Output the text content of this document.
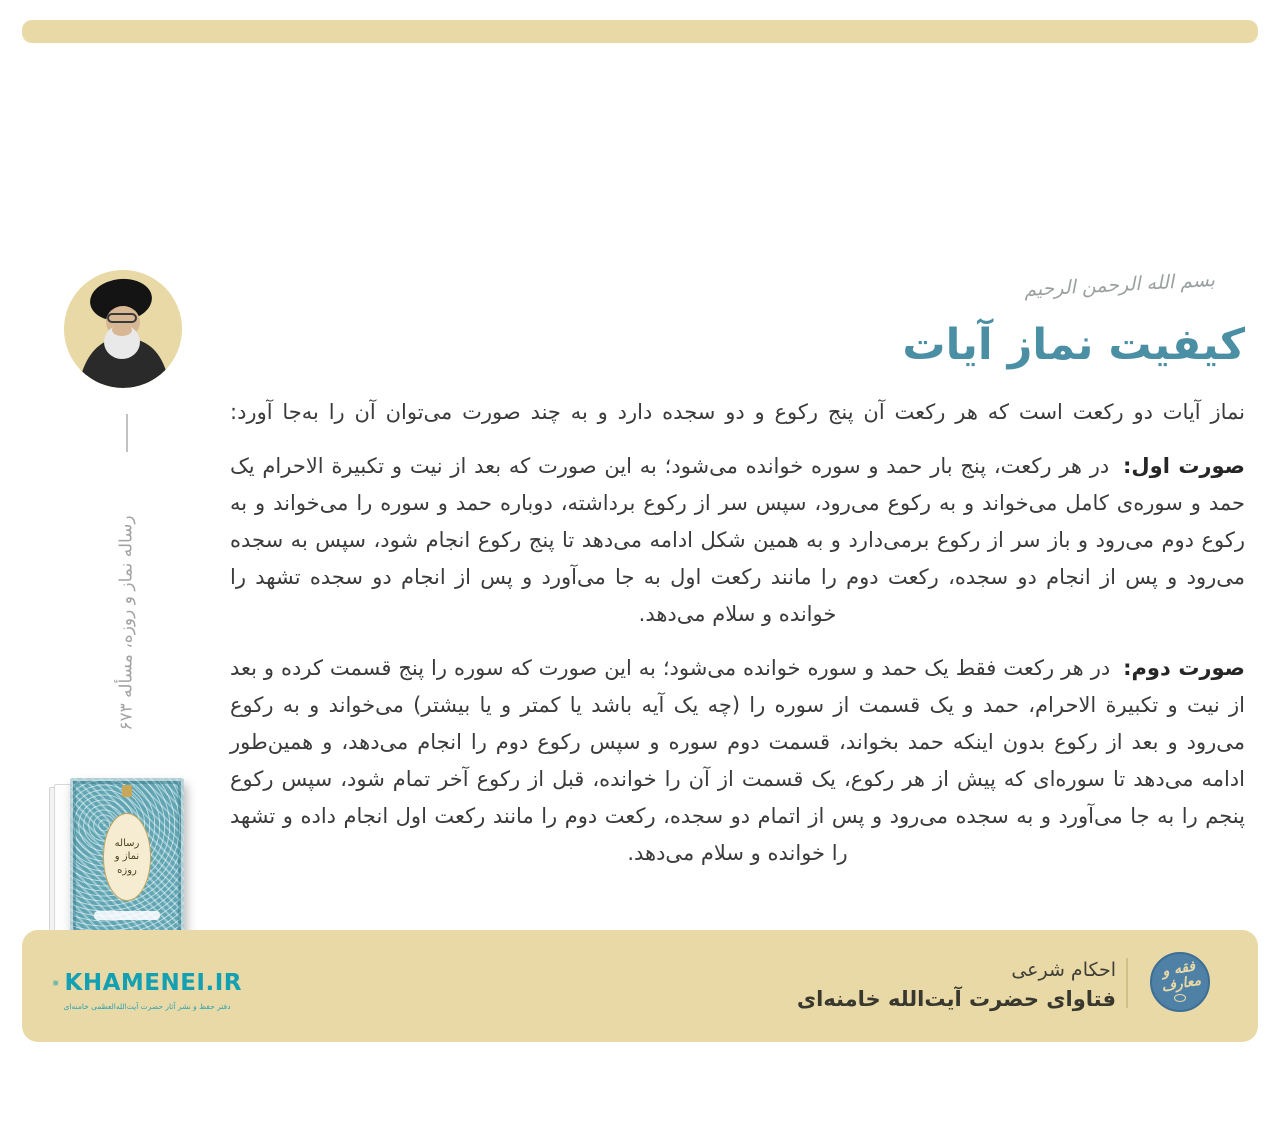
رساله نماز و روزه، مسأله ۶۷۳
رساله نماز و روزه
بسم الله الرحمن الرحیم
کیفیت نماز آیات

نماز آیات دو رکعت است که هر رکعت آن پنج رکوع و دو سجده دارد و به چند صورت می‌توان آن را به‌جا آورد:

صورت اول: در هر رکعت، پنج بار حمد و سوره خوانده می‌شود؛ به این صورت که بعد از نیت و تکبیرة الاحرام یک حمد و سوره‌ی کامل می‌خواند و به رکوع می‌رود، سپس سر از رکوع برداشته، دوباره حمد و سوره را می‌خواند و به رکوع دوم می‌رود و باز سر از رکوع برمی‌دارد و به همین شکل ادامه می‌دهد تا پنج رکوع انجام شود، سپس به سجده می‌رود و پس از انجام دو سجده، رکعت دوم را مانند رکعت اول به جا می‌آورد و پس از انجام دو سجده تشهد را خوانده و سلام می‌دهد.

صورت دوم: در هر رکعت فقط یک حمد و سوره خوانده می‌شود؛ به این صورت که سوره را پنج قسمت کرده و بعد از نیت و تکبیرة الاحرام، حمد و یک قسمت از سوره را (چه یک آیه باشد یا کمتر و یا بیشتر) می‌خواند و به رکوع می‌رود و بعد از رکوع بدون اینکه حمد بخواند، قسمت دوم سوره و سپس رکوع دوم را انجام می‌دهد، و همین‌طور ادامه می‌دهد تا سوره‌ای که پیش از هر رکوع، یک قسمت از آن را خوانده، قبل از رکوع آخر تمام شود، سپس رکوع پنجم را به جا می‌آورد و به سجده می‌رود و پس از اتمام دو سجده، رکعت دوم را مانند رکعت اول انجام داده و تشهد را خوانده و سلام می‌دهد.

KHAMENEI.IR
دفتر حفظ و نشر آثار حضرت آیت‌الله‌العظمی خامنه‌ای
فقه و معارف
احکام شرعی
فتاوای حضرت آیت‌الله خامنه‌ای
